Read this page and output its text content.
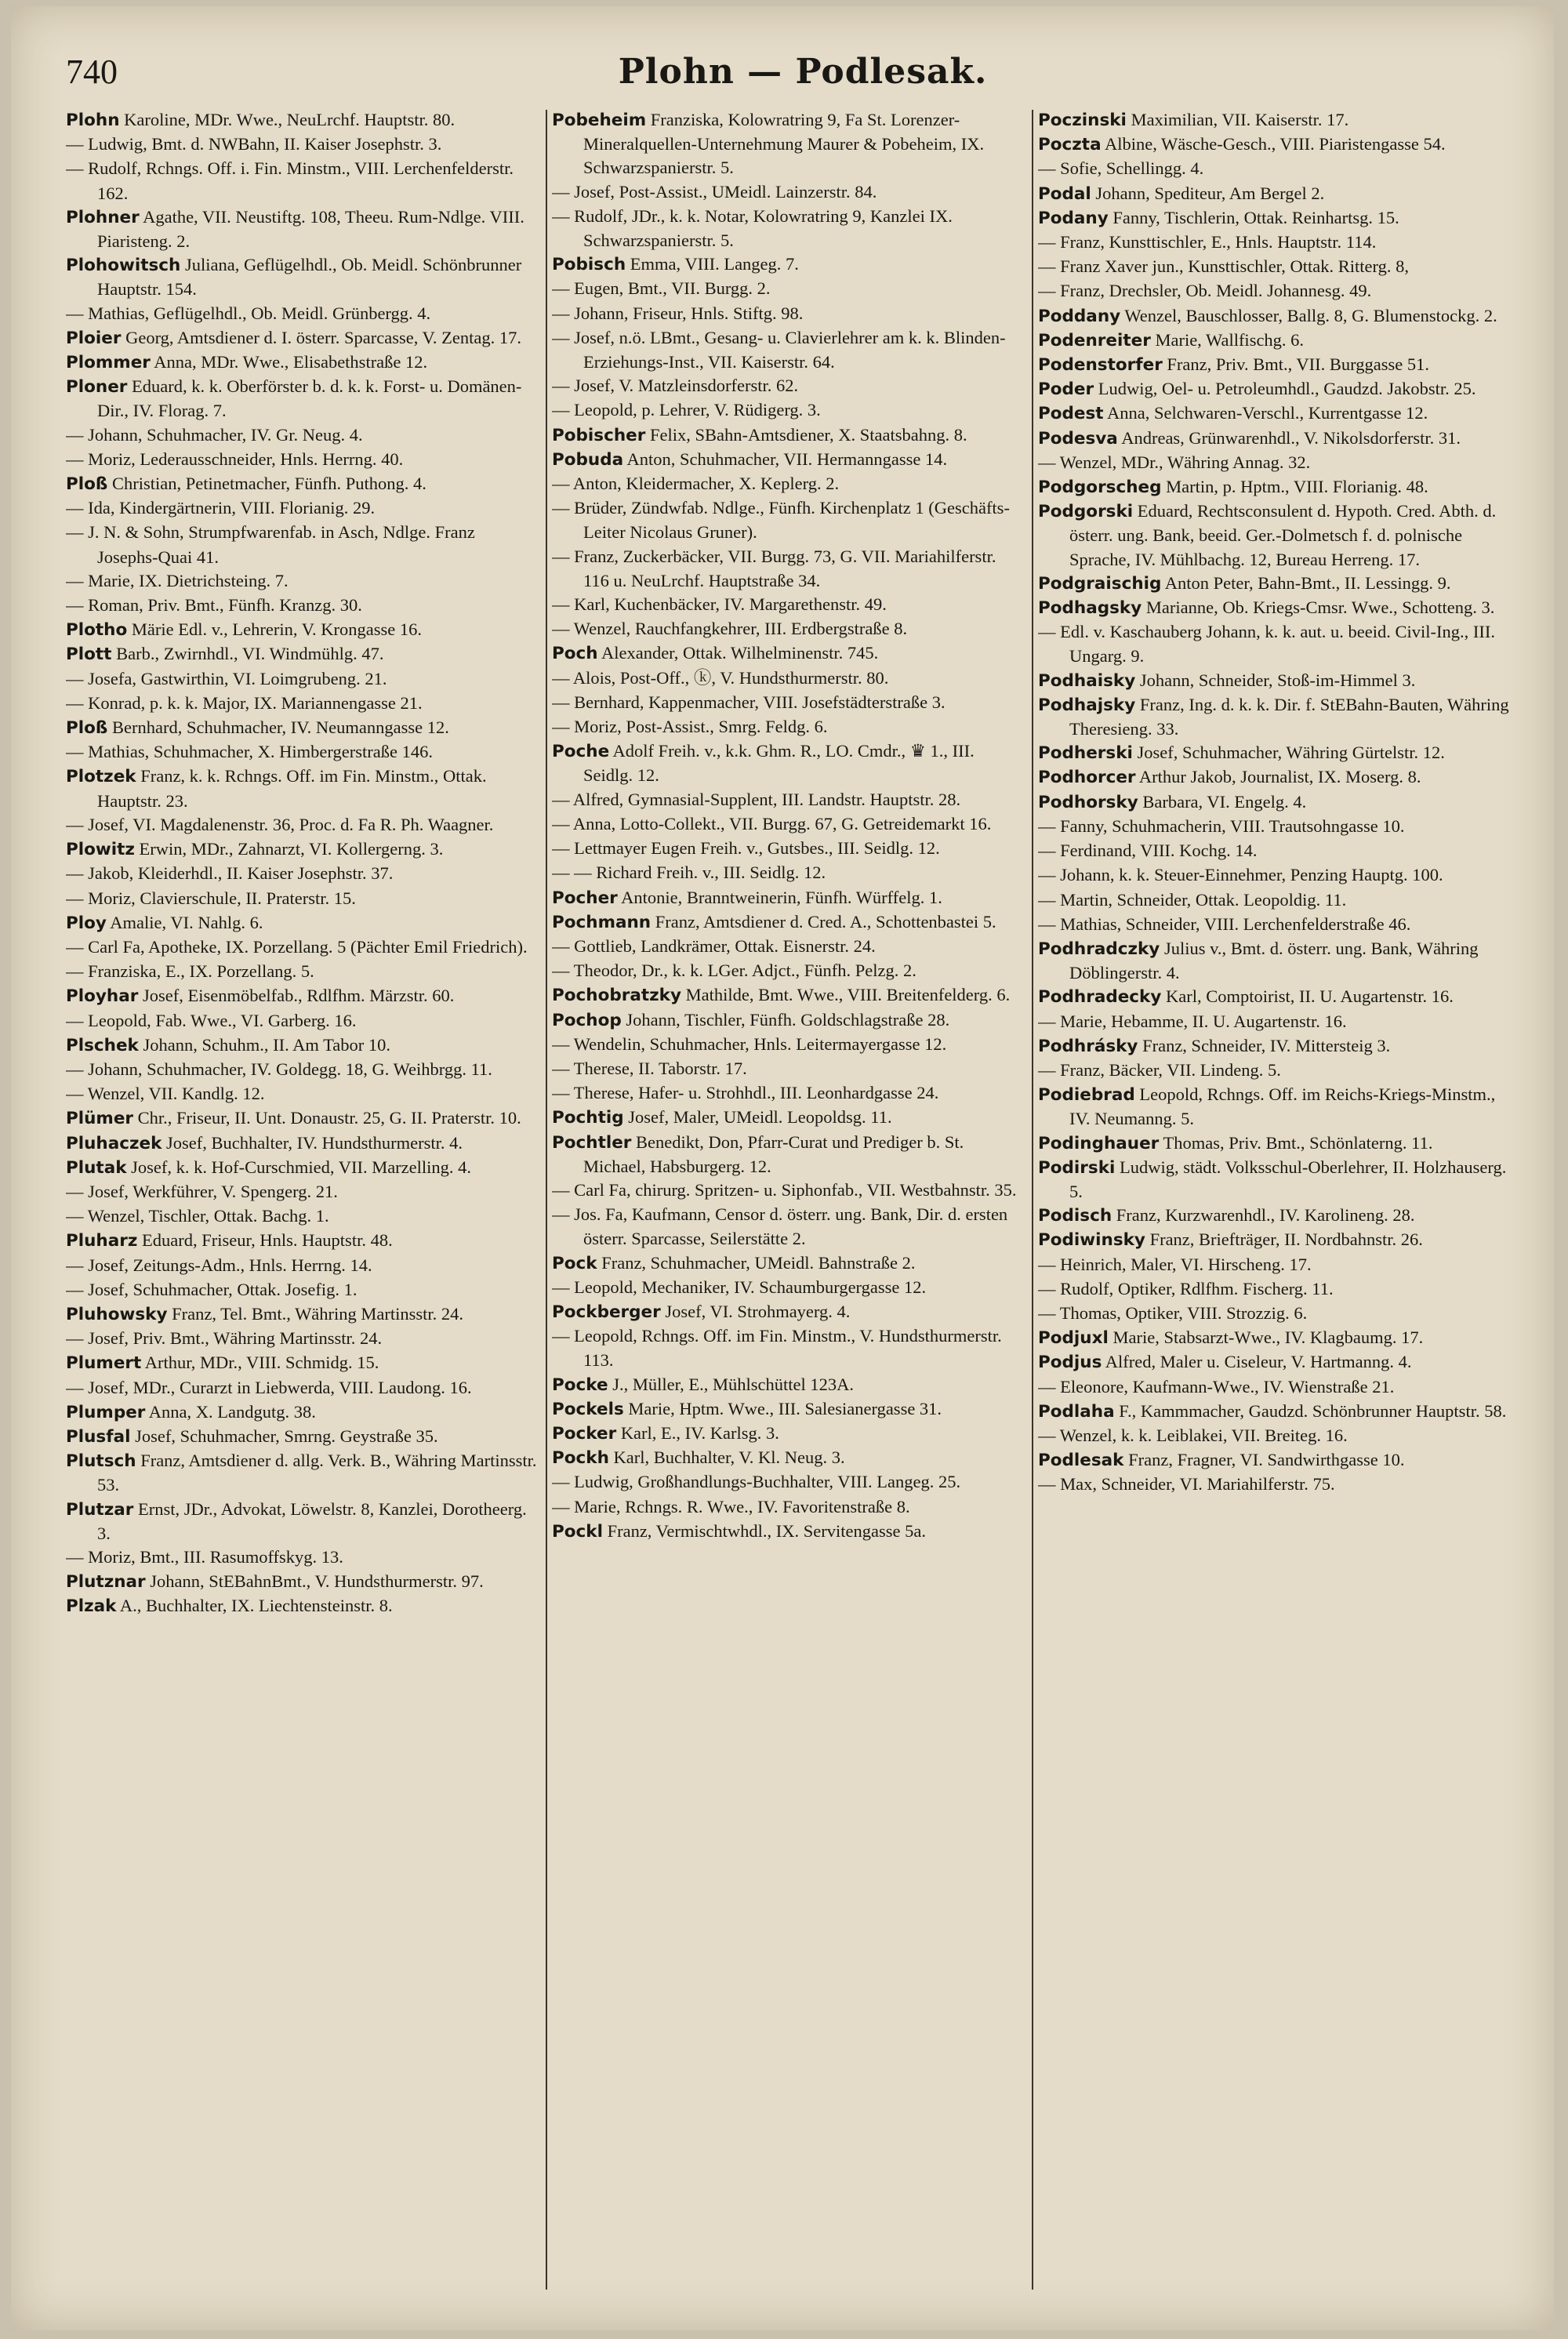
740	Plohn — Podlesak.

Plohn Karoline, MDr. Wwe., NeuLrchf. Hauptstr. 80.

— Ludwig, Bmt. d. NWBahn, II. Kaiser Josephstr. 3.

— Rudolf, Rchngs. Off. i. Fin. Minstm., VIII. Lerchenfelderstr. 162.

Plohner Agathe, VII. Neustiftg. 108, Theeu. Rum-Ndlge. VIII. Piaristeng. 2.

Plohowitsch Juliana, Geflügelhdl., Ob. Meidl. Schönbrunner Hauptstr. 154.

— Mathias, Geflügelhdl., Ob. Meidl. Grünbergg. 4.

Ploier Georg, Amtsdiener d. I. österr. Sparcasse, V. Zentag. 17.

Plommer Anna, MDr. Wwe., Elisabethstraße 12.

Ploner Eduard, k. k. Oberförster b. d. k. k. Forst- u. Domänen-Dir., IV. Florag. 7.

— Johann, Schuhmacher, IV. Gr. Neug. 4.

— Moriz, Lederausschneider, Hnls. Herrng. 40.

Ploß Christian, Petinetmacher, Fünfh. Puthong. 4.

— Ida, Kindergärtnerin, VIII. Florianig. 29.

— J. N. & Sohn, Strumpfwarenfab. in Asch, Ndlge. Franz Josephs-Quai 41.

— Marie, IX. Dietrichsteing. 7.

— Roman, Priv. Bmt., Fünfh. Kranzg. 30.

Plotho Märie Edl. v., Lehrerin, V. Krongasse 16.

Plott Barb., Zwirnhdl., VI. Windmühlg. 47.

— Josefa, Gastwirthin, VI. Loimgrubeng. 21.

— Konrad, p. k. k. Major, IX. Mariannengasse 21.

Ploß Bernhard, Schuhmacher, IV. Neumanngasse 12.

— Mathias, Schuhmacher, X. Himbergerstraße 146.

Plotzek Franz, k. k. Rchngs. Off. im Fin. Minstm., Ottak. Hauptstr. 23.

— Josef, VI. Magdalenenstr. 36, Proc. d. Fa R. Ph. Waagner.

Plowitz Erwin, MDr., Zahnarzt, VI. Kollergerng. 3.

— Jakob, Kleiderhdl., II. Kaiser Josephstr. 37.

— Moriz, Clavierschule, II. Praterstr. 15.

Ploy Amalie, VI. Nahlg. 6.

— Carl Fa, Apotheke, IX. Porzellang. 5 (Pächter Emil Friedrich).

— Franziska, E., IX. Porzellang. 5.

Ployhar Josef, Eisenmöbelfab., Rdlfhm. Märzstr. 60.

— Leopold, Fab. Wwe., VI. Garberg. 16.

Plschek Johann, Schuhm., II. Am Tabor 10.

— Johann, Schuhmacher, IV. Goldegg. 18, G. Weihbrgg. 11.

— Wenzel, VII. Kandlg. 12.

Plümer Chr., Friseur, II. Unt. Donaustr. 25, G. II. Praterstr. 10.

Pluhaczek Josef, Buchhalter, IV. Hundsthurmerstr. 4.

Plutak Josef, k. k. Hof-Curschmied, VII. Marzelling. 4.

— Josef, Werkführer, V. Spengerg. 21.

— Wenzel, Tischler, Ottak. Bachg. 1.

Pluharz Eduard, Friseur, Hnls. Hauptstr. 48.

— Josef, Zeitungs-Adm., Hnls. Herrng. 14.

— Josef, Schuhmacher, Ottak. Josefig. 1.

Pluhowsky Franz, Tel. Bmt., Währing Martinsstr. 24.

— Josef, Priv. Bmt., Währing Martinsstr. 24.

Plumert Arthur, MDr., VIII. Schmidg. 15.

— Josef, MDr., Curarzt in Liebwerda, VIII. Laudong. 16.

Plumper Anna, X. Landgutg. 38.

Plusfal Josef, Schuhmacher, Smrng. Geystraße 35.

Plutsch Franz, Amtsdiener d. allg. Verk. B., Währing Martinsstr. 53.

Plutzar Ernst, JDr., Advokat, Löwelstr. 8, Kanzlei, Dorotheerg. 3.

— Moriz, Bmt., III. Rasumoffskyg. 13.

Plutznar Johann, StEBahnBmt., V. Hundsthurmerstr. 97.

Plzak A., Buchhalter, IX. Liechtensteinstr. 8.

Pobeheim Franziska, Kolowratring 9, Fa St. Lorenzer-Mineralquellen-Unternehmung Maurer & Pobeheim, IX. Schwarzspanierstr. 5.

— Josef, Post-Assist., UMeidl. Lainzerstr. 84.

— Rudolf, JDr., k. k. Notar, Kolowratring 9, Kanzlei IX. Schwarzspanierstr. 5.

Pobisch Emma, VIII. Langeg. 7.

— Eugen, Bmt., VII. Burgg. 2.

— Johann, Friseur, Hnls. Stiftg. 98.

— Josef, n.ö. LBmt., Gesang- u. Clavierlehrer am k. k. Blinden-Erziehungs-Inst., VII. Kaiserstr. 64.

— Josef, V. Matzleinsdorferstr. 62.

— Leopold, p. Lehrer, V. Rüdigerg. 3.

Pobischer Felix, SBahn-Amtsdiener, X. Staatsbahng. 8.

Pobuda Anton, Schuhmacher, VII. Hermanngasse 14.

— Anton, Kleidermacher, X. Keplerg. 2.

— Brüder, Zündwfab. Ndlge., Fünfh. Kirchenplatz 1 (Geschäfts-Leiter Nicolaus Gruner).

— Franz, Zuckerbäcker, VII. Burgg. 73, G. VII. Mariahilferstr. 116 u. NeuLrchf. Hauptstraße 34.

— Karl, Kuchenbäcker, IV. Margarethenstr. 49.

— Wenzel, Rauchfangkehrer, III. Erdbergstraße 8.

Poch Alexander, Ottak. Wilhelminenstr. 745.

— Alois, Post-Off., ⓚ, V. Hundsthurmerstr. 80.

— Bernhard, Kappenmacher, VIII. Josefstädterstraße 3.

— Moriz, Post-Assist., Smrg. Feldg. 6.

Poche Adolf Freih. v., k.k. Ghm. R., LO. Cmdr., ♛ 1., III. Seidlg. 12.

— Alfred, Gymnasial-Supplent, III. Landstr. Hauptstr. 28.

— Anna, Lotto-Collekt., VII. Burgg. 67, G. Getreidemarkt 16.

— Lettmayer Eugen Freih. v., Gutsbes., III. Seidlg. 12.

— — Richard Freih. v., III. Seidlg. 12.

Pocher Antonie, Branntweinerin, Fünfh. Würffelg. 1.

Pochmann Franz, Amtsdiener d. Cred. A., Schottenbastei 5.

— Gottlieb, Landkrämer, Ottak. Eisnerstr. 24.

— Theodor, Dr., k. k. LGer. Adjct., Fünfh. Pelzg. 2.

Pochobratzky Mathilde, Bmt. Wwe., VIII. Breitenfelderg. 6.

Pochop Johann, Tischler, Fünfh. Goldschlagstraße 28.

— Wendelin, Schuhmacher, Hnls. Leitermayergasse 12.

— Therese, II. Taborstr. 17.

— Therese, Hafer- u. Strohhdl., III. Leonhardgasse 24.

Pochtig Josef, Maler, UMeidl. Leopoldsg. 11.

Pochtler Benedikt, Don, Pfarr-Curat und Prediger b. St. Michael, Habsburgerg. 12.

— Carl Fa, chirurg. Spritzen- u. Siphonfab., VII. Westbahnstr. 35.

— Jos. Fa, Kaufmann, Censor d. österr. ung. Bank, Dir. d. ersten österr. Sparcasse, Seilerstätte 2.

Pock Franz, Schuhmacher, UMeidl. Bahnstraße 2.

— Leopold, Mechaniker, IV. Schaumburgergasse 12.

Pockberger Josef, VI. Strohmayerg. 4.

— Leopold, Rchngs. Off. im Fin. Minstm., V. Hundsthurmerstr. 113.

Pocke J., Müller, E., Mühlschüttel 123A.

Pockels Marie, Hptm. Wwe., III. Salesianergasse 31.

Pocker Karl, E., IV. Karlsg. 3.

Pockh Karl, Buchhalter, V. Kl. Neug. 3.

— Ludwig, Großhandlungs-Buchhalter, VIII. Langeg. 25.

— Marie, Rchngs. R. Wwe., IV. Favoritenstraße 8.

Pockl Franz, Vermischtwhdl., IX. Servitengasse 5a.

Poczinski Maximilian, VII. Kaiserstr. 17.

Poczta Albine, Wäsche-Gesch., VIII. Piaristengasse 54.

— Sofie, Schellingg. 4.

Podal Johann, Spediteur, Am Bergel 2.

Podany Fanny, Tischlerin, Ottak. Reinhartsg. 15.

— Franz, Kunsttischler, E., Hnls. Hauptstr. 114.

— Franz Xaver jun., Kunsttischler, Ottak. Ritterg. 8,

— Franz, Drechsler, Ob. Meidl. Johannesg. 49.

Poddany Wenzel, Bauschlosser, Ballg. 8, G. Blumenstockg. 2.

Podenreiter Marie, Wallfischg. 6.

Podenstorfer Franz, Priv. Bmt., VII. Burggasse 51.

Poder Ludwig, Oel- u. Petroleumhdl., Gaudzd. Jakobstr. 25.

Podest Anna, Selchwaren-Verschl., Kurrentgasse 12.

Podesva Andreas, Grünwarenhdl., V. Nikolsdorferstr. 31.

— Wenzel, MDr., Währing Annag. 32.

Podgorscheg Martin, p. Hptm., VIII. Florianig. 48.

Podgorski Eduard, Rechtsconsulent d. Hypoth. Cred. Abth. d. österr. ung. Bank, beeid. Ger.-Dolmetsch f. d. polnische Sprache, IV. Mühlbachg. 12, Bureau Herreng. 17.

Podgraischig Anton Peter, Bahn-Bmt., II. Lessingg. 9.

Podhagsky Marianne, Ob. Kriegs-Cmsr. Wwe., Schotteng. 3.

— Edl. v. Kaschauberg Johann, k. k. aut. u. beeid. Civil-Ing., III. Ungarg. 9.

Podhaisky Johann, Schneider, Stoß-im-Himmel 3.

Podhajsky Franz, Ing. d. k. k. Dir. f. StEBahn-Bauten, Währing Theresieng. 33.

Podherski Josef, Schuhmacher, Währing Gürtelstr. 12.

Podhorcer Arthur Jakob, Journalist, IX. Moserg. 8.

Podhorsky Barbara, VI. Engelg. 4.

— Fanny, Schuhmacherin, VIII. Trautsohngasse 10.

— Ferdinand, VIII. Kochg. 14.

— Johann, k. k. Steuer-Einnehmer, Penzing Hauptg. 100.

— Martin, Schneider, Ottak. Leopoldig. 11.

— Mathias, Schneider, VIII. Lerchenfelderstraße 46.

Podhradczky Julius v., Bmt. d. österr. ung. Bank, Währing Döblingerstr. 4.

Podhradecky Karl, Comptoirist, II. U. Augartenstr. 16.

— Marie, Hebamme, II. U. Augartenstr. 16.

Podhrásky Franz, Schneider, IV. Mittersteig 3.

— Franz, Bäcker, VII. Lindeng. 5.

Podiebrad Leopold, Rchngs. Off. im Reichs-Kriegs-Minstm., IV. Neumanng. 5.

Podinghauer Thomas, Priv. Bmt., Schönlaterng. 11.

Podirski Ludwig, städt. Volksschul-Oberlehrer, II. Holzhauserg. 5.

Podisch Franz, Kurzwarenhdl., IV. Karolineng. 28.

Podiwinsky Franz, Briefträger, II. Nordbahnstr. 26.

— Heinrich, Maler, VI. Hirscheng. 17.

— Rudolf, Optiker, Rdlfhm. Fischerg. 11.

— Thomas, Optiker, VIII. Strozzig. 6.

Podjuxl Marie, Stabsarzt-Wwe., IV. Klagbaumg. 17.

Podjus Alfred, Maler u. Ciseleur, V. Hartmanng. 4.

— Eleonore, Kaufmann-Wwe., IV. Wienstraße 21.

Podlaha F., Kammmacher, Gaudzd. Schönbrunner Hauptstr. 58.

— Wenzel, k. k. Leiblakei, VII. Breiteg. 16.

Podlesak Franz, Fragner, VI. Sandwirthgasse 10.

— Max, Schneider, VI. Mariahilferstr. 75.
